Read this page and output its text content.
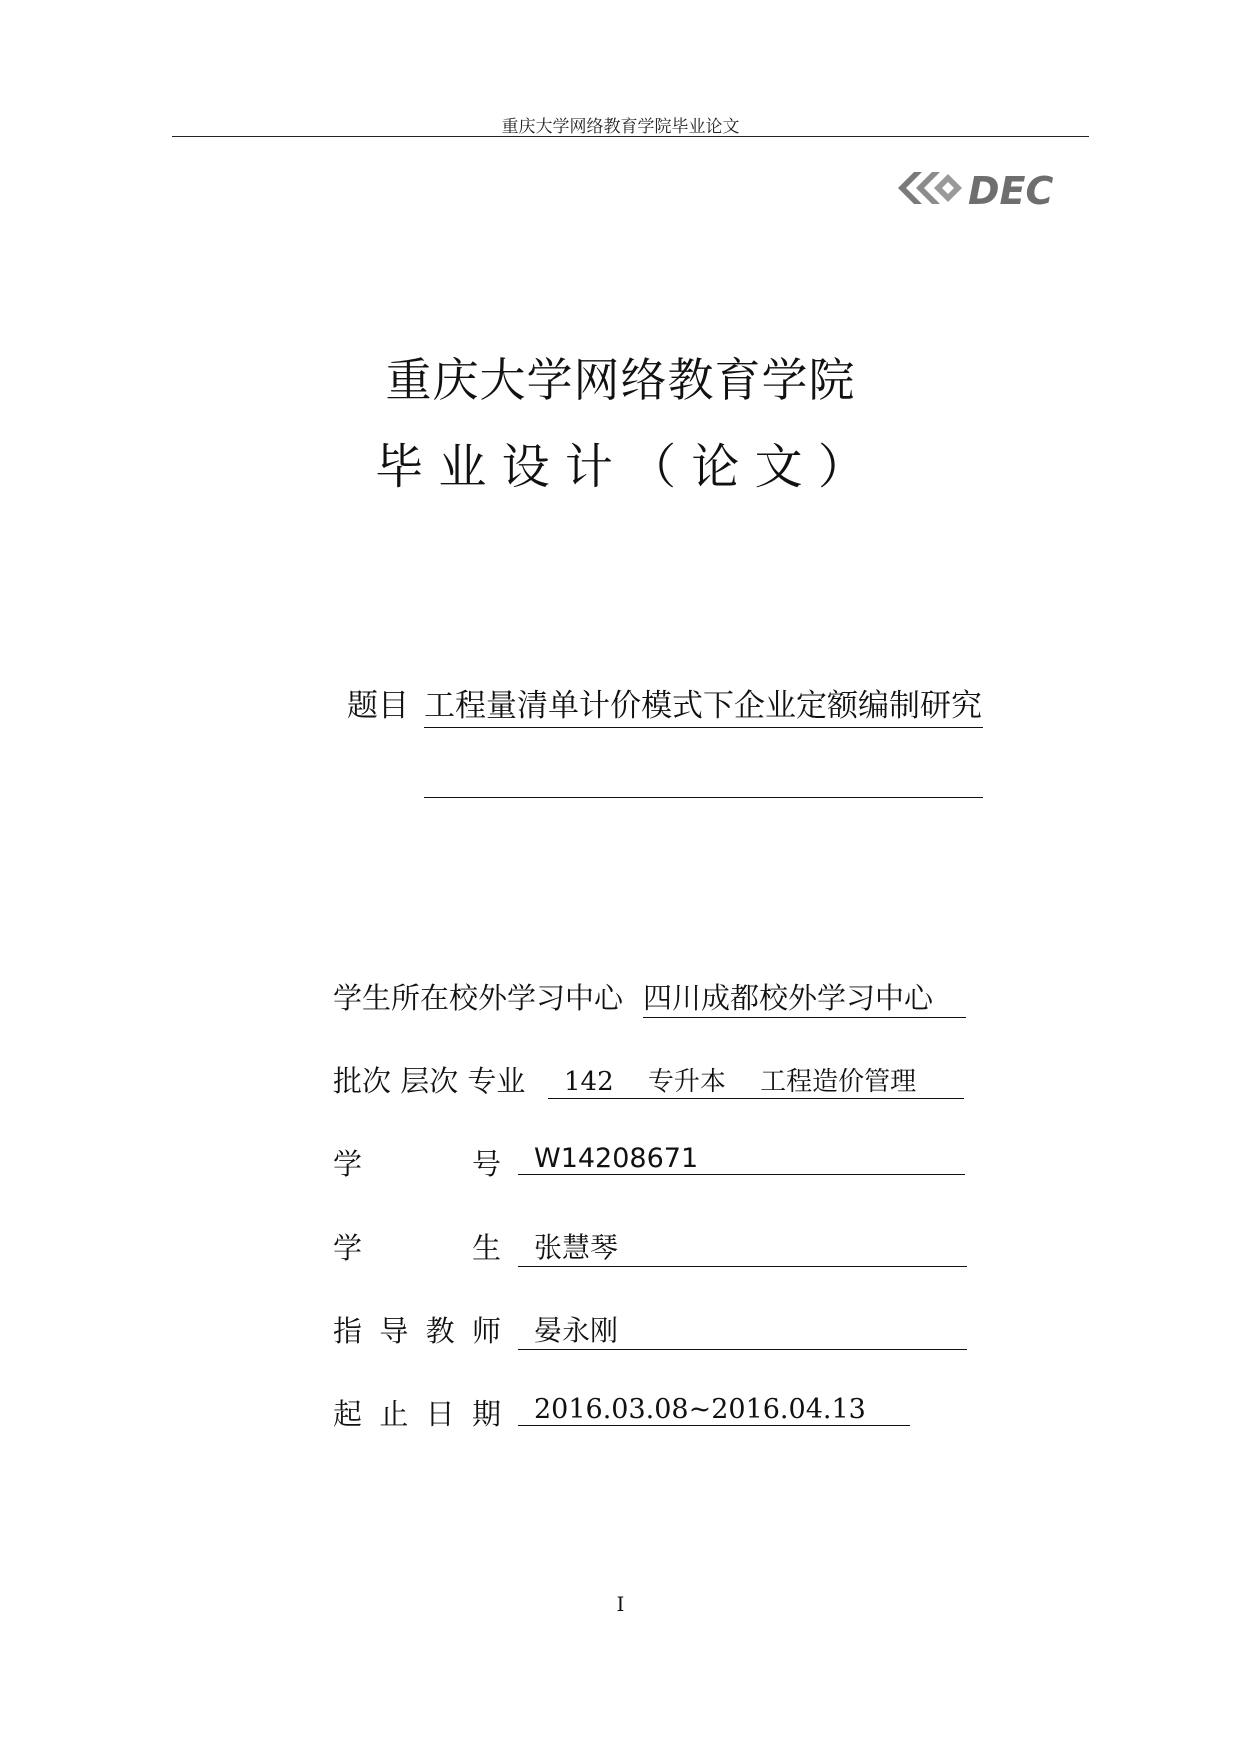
重庆大学网络教育学院毕业论文
DEC
重庆大学网络教育学院
毕 业 设 计 （ 论 文 ）
题目 工程量清单计价模式下企业定额编制研究
学生所在校外学习中心 四川成都校外学习中心
批次 层次 专业	142　 专升本 　工程造价管理
学	号	W14208671
学	生	张慧琴
指 导 教 师	晏永刚
起 止 日 期	2016.03.08~2016.04.13
I
